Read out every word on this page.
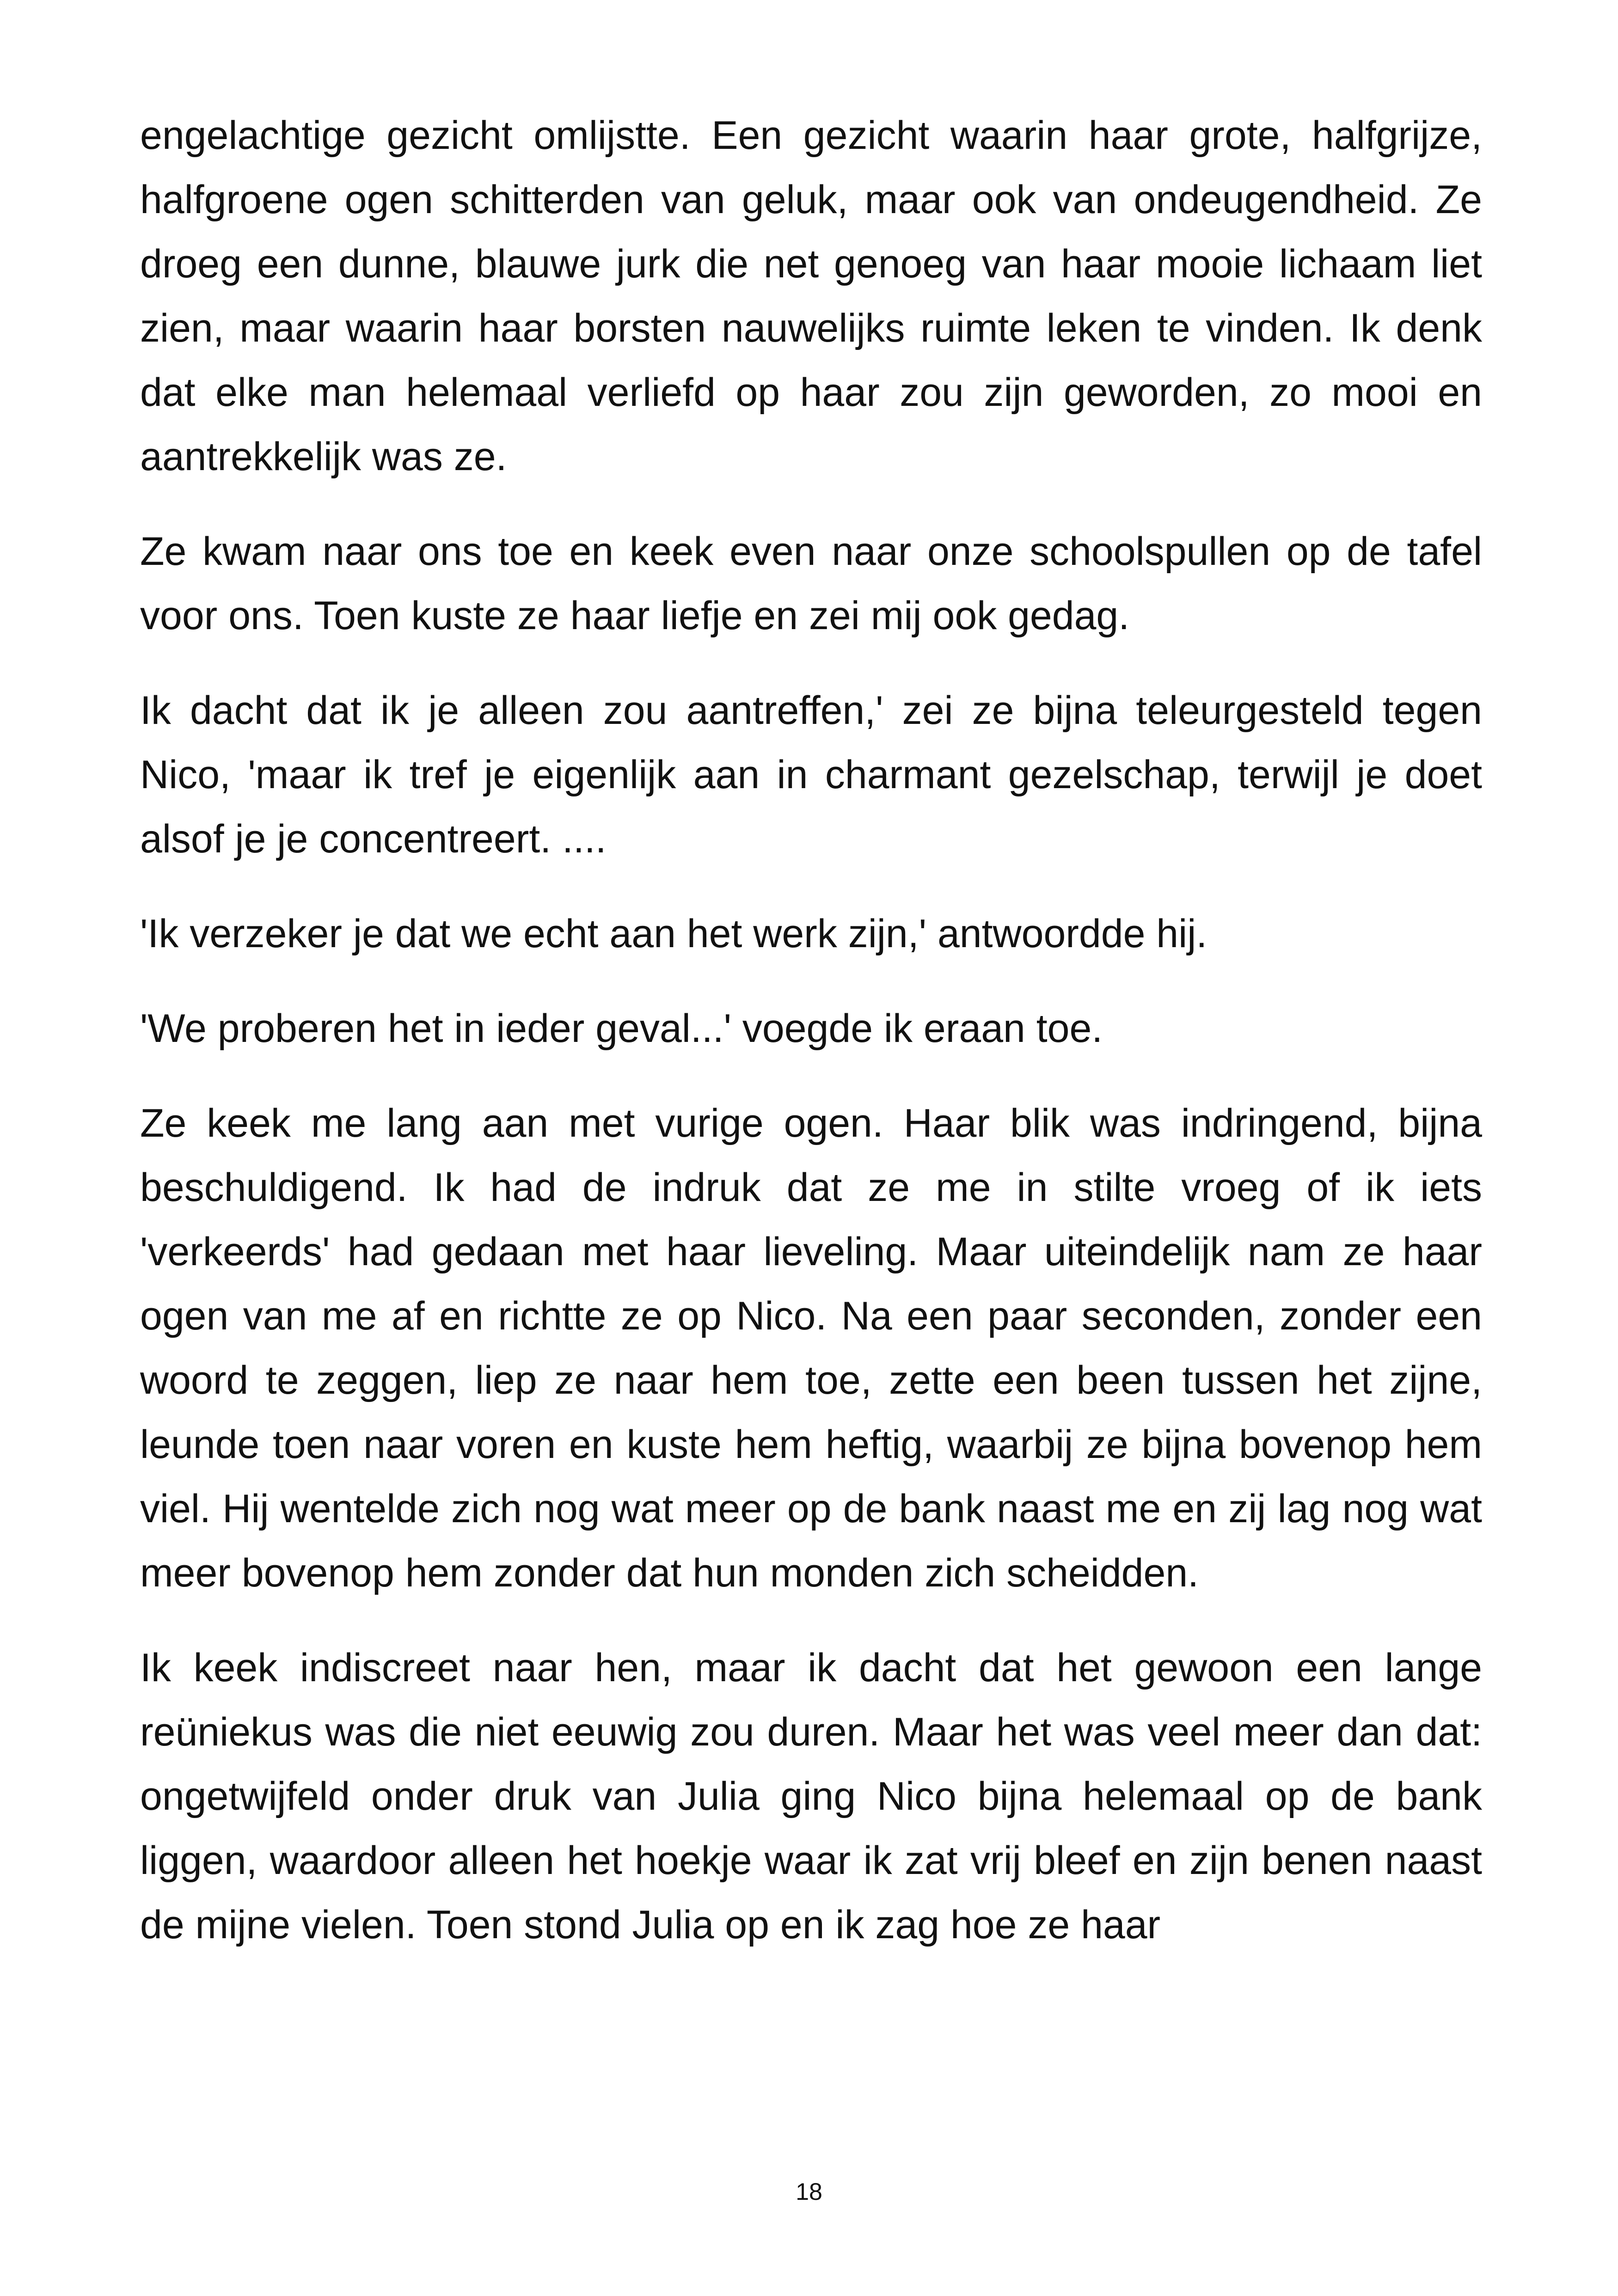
engelachtige gezicht omlijstte. Een gezicht waarin haar grote, halfgrijze, halfgroene ogen schitterden van geluk, maar ook van ondeugendheid. Ze droeg een dunne, blauwe jurk die net genoeg van haar mooie lichaam liet zien, maar waarin haar borsten nauwelijks ruimte leken te vinden. Ik denk dat elke man helemaal verliefd op haar zou zijn geworden, zo mooi en aantrekkelijk was ze.

Ze kwam naar ons toe en keek even naar onze schoolspullen op de tafel voor ons. Toen kuste ze haar liefje en zei mij ook gedag.

Ik dacht dat ik je alleen zou aantreffen,' zei ze bijna teleurgesteld tegen Nico, 'maar ik tref je eigenlijk aan in charmant gezelschap, terwijl je doet alsof je je concentreert. ....

'Ik verzeker je dat we echt aan het werk zijn,' antwoordde hij.

'We proberen het in ieder geval...' voegde ik eraan toe.

Ze keek me lang aan met vurige ogen. Haar blik was indringend, bijna beschuldigend. Ik had de indruk dat ze me in stilte vroeg of ik iets 'verkeerds' had gedaan met haar lieveling. Maar uiteindelijk nam ze haar ogen van me af en richtte ze op Nico. Na een paar seconden, zonder een woord te zeggen, liep ze naar hem toe, zette een been tussen het zijne, leunde toen naar voren en kuste hem heftig, waarbij ze bijna bovenop hem viel. Hij wentelde zich nog wat meer op de bank naast me en zij lag nog wat meer bovenop hem zonder dat hun monden zich scheidden.

Ik keek indiscreet naar hen, maar ik dacht dat het gewoon een lange reüniekus was die niet eeuwig zou duren. Maar het was veel meer dan dat: ongetwijfeld onder druk van Julia ging Nico bijna helemaal op de bank liggen, waardoor alleen het hoekje waar ik zat vrij bleef en zijn benen naast de mijne vielen. Toen stond Julia op en ik zag hoe ze haar

18
